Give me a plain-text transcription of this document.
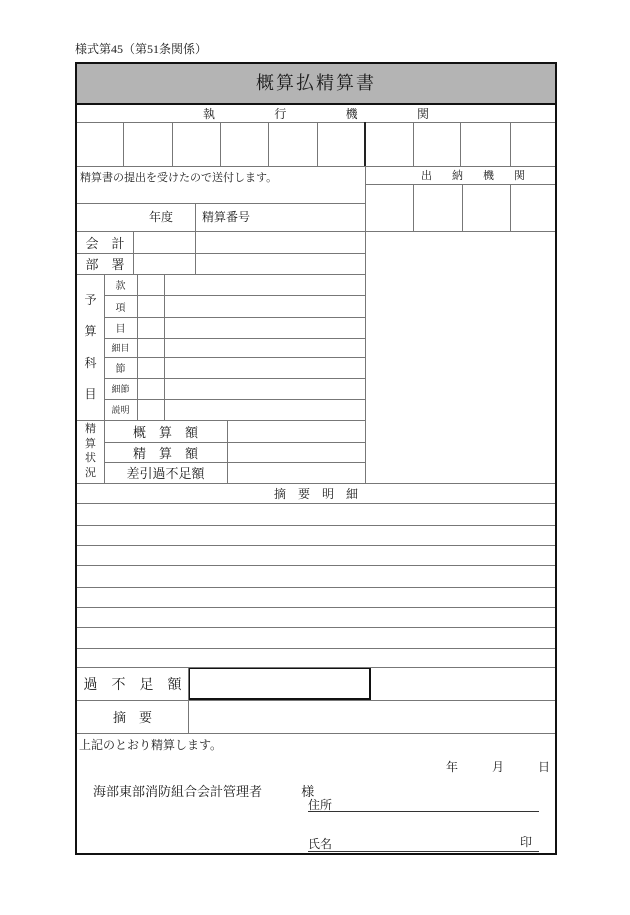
様式第45（第51条関係）
概算払精算書
執	行	機	関
出 納 機 関
精算書の提出を受けたので送付します。
年度	精算番号
会　計
部　署
予
算
科
目
款
項
目
細目
節
細節
説明
精
算
状
況
概　算　額
精　算　額
差引過不足額
摘　要　明　細
過　不　足　額
摘　要
上記のとおり精算します。
年	月	日
海部東部消防組合会計管理者	様
住所
氏名	印
